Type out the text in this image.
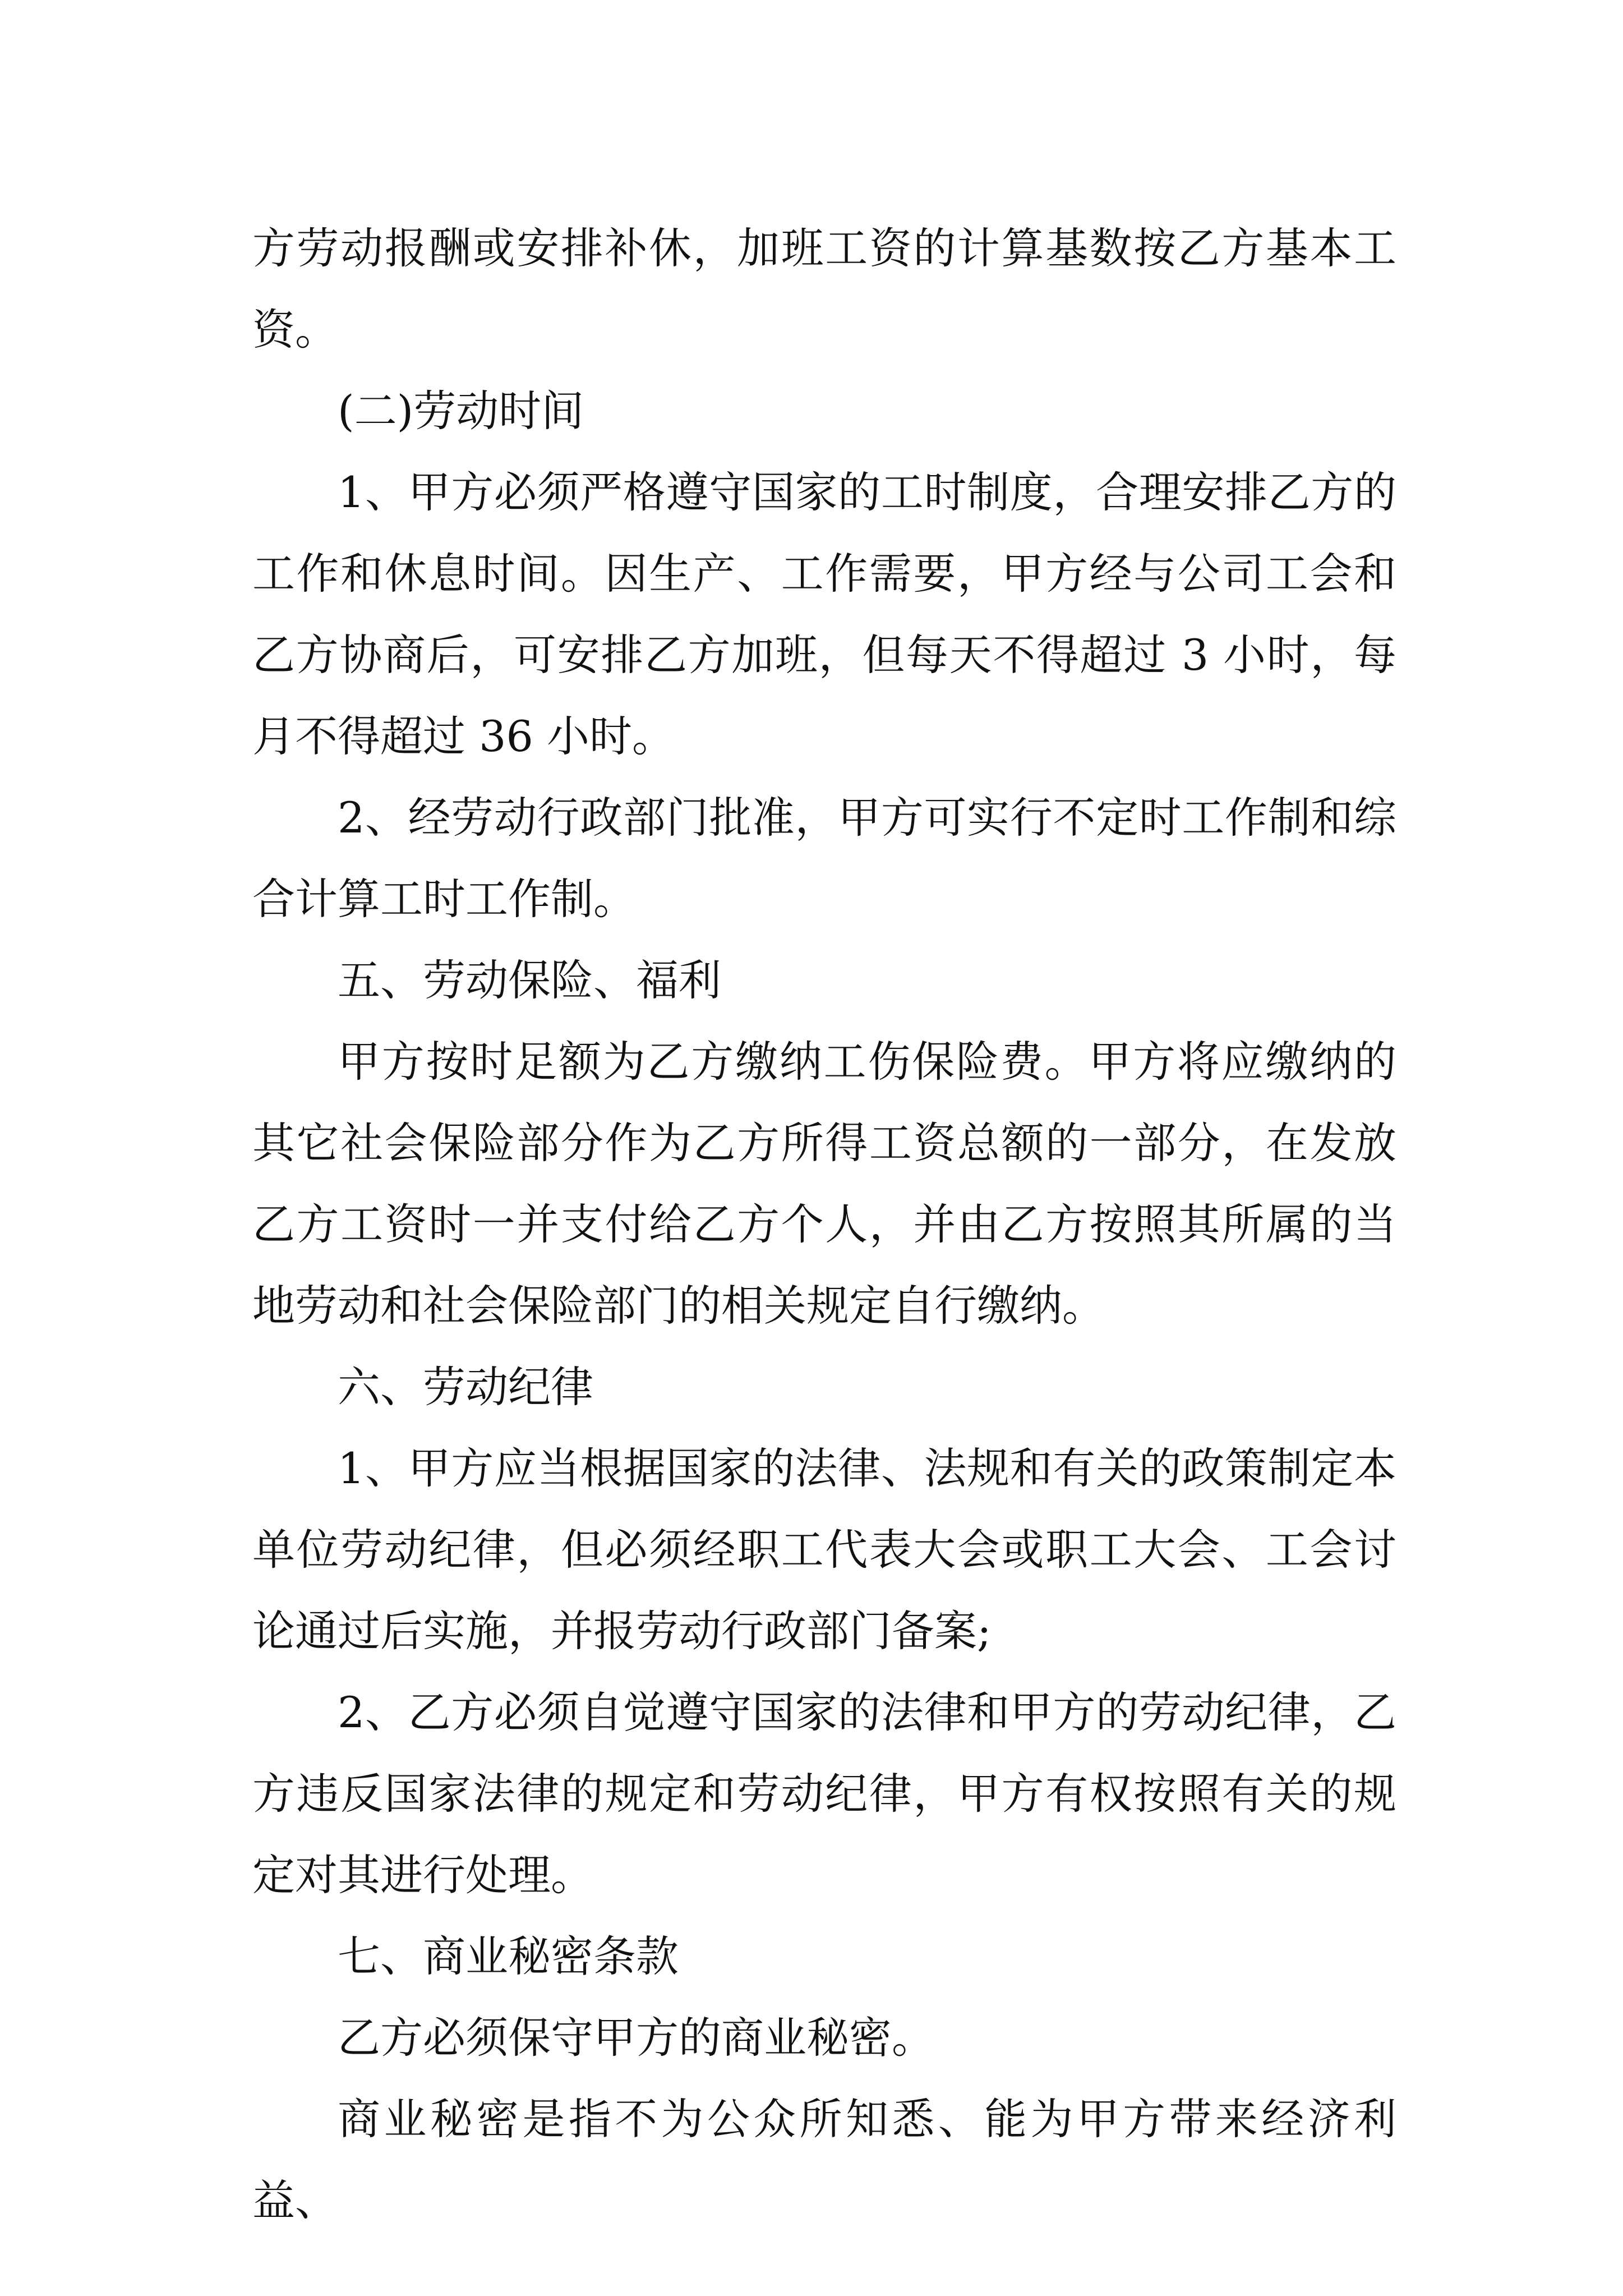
方劳动报酬或安排补休，加班工资的计算基数按乙方基本工资。

(二)劳动时间

1、甲方必须严格遵守国家的工时制度，合理安排乙方的工作和休息时间。因生产、工作需要，甲方经与公司工会和乙方协商后，可安排乙方加班，但每天不得超过 3 小时，每月不得超过 36 小时。

2、经劳动行政部门批准，甲方可实行不定时工作制和综合计算工时工作制。

五、劳动保险、福利

甲方按时足额为乙方缴纳工伤保险费。甲方将应缴纳的其它社会保险部分作为乙方所得工资总额的一部分，在发放乙方工资时一并支付给乙方个人，并由乙方按照其所属的当地劳动和社会保险部门的相关规定自行缴纳。

六、劳动纪律

1、甲方应当根据国家的法律、法规和有关的政策制定本单位劳动纪律，但必须经职工代表大会或职工大会、工会讨论通过后实施，并报劳动行政部门备案;

2、乙方必须自觉遵守国家的法律和甲方的劳动纪律，乙方违反国家法律的规定和劳动纪律，甲方有权按照有关的规定对其进行处理。

七、商业秘密条款

乙方必须保守甲方的商业秘密。

商业秘密是指不为公众所知悉、能为甲方带来经济利益、
